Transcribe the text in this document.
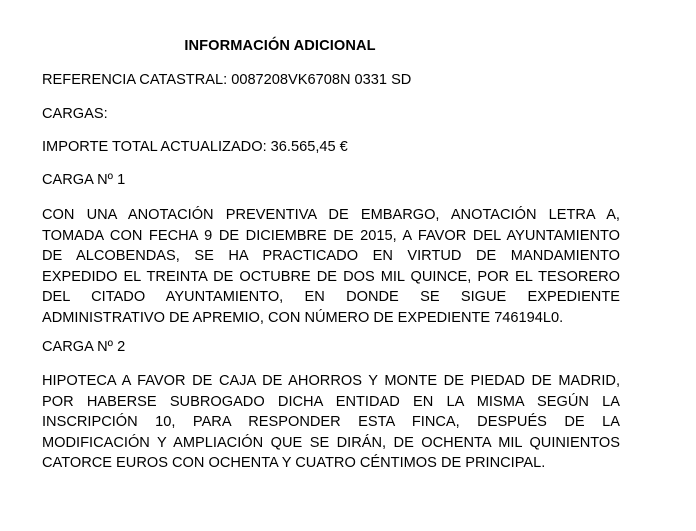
INFORMACIÓN ADICIONAL
REFERENCIA CATASTRAL: 0087208VK6708N 0331 SD
CARGAS:
IMPORTE TOTAL ACTUALIZADO: 36.565,45 €
CARGA Nº 1
CON UNA ANOTACIÓN PREVENTIVA DE EMBARGO, ANOTACIÓN LETRA A,
TOMADA CON FECHA 9 DE DICIEMBRE DE 2015, A FAVOR DEL AYUNTAMIENTO
DE ALCOBENDAS, SE HA PRACTICADO EN VIRTUD DE MANDAMIENTO
EXPEDIDO EL TREINTA DE OCTUBRE DE DOS MIL QUINCE, POR EL TESORERO
DEL CITADO AYUNTAMIENTO, EN DONDE SE SIGUE EXPEDIENTE
ADMINISTRATIVO DE APREMIO, CON NÚMERO DE EXPEDIENTE 746194L0.
CARGA Nº 2
HIPOTECA A FAVOR DE CAJA DE AHORROS Y MONTE DE PIEDAD DE MADRID,
POR HABERSE SUBROGADO DICHA ENTIDAD EN LA MISMA SEGÚN LA
INSCRIPCIÓN 10, PARA RESPONDER ESTA FINCA, DESPUÉS DE LA
MODIFICACIÓN Y AMPLIACIÓN QUE SE DIRÁN, DE OCHENTA MIL QUINIENTOS
CATORCE EUROS CON OCHENTA Y CUATRO CÉNTIMOS DE PRINCIPAL.
